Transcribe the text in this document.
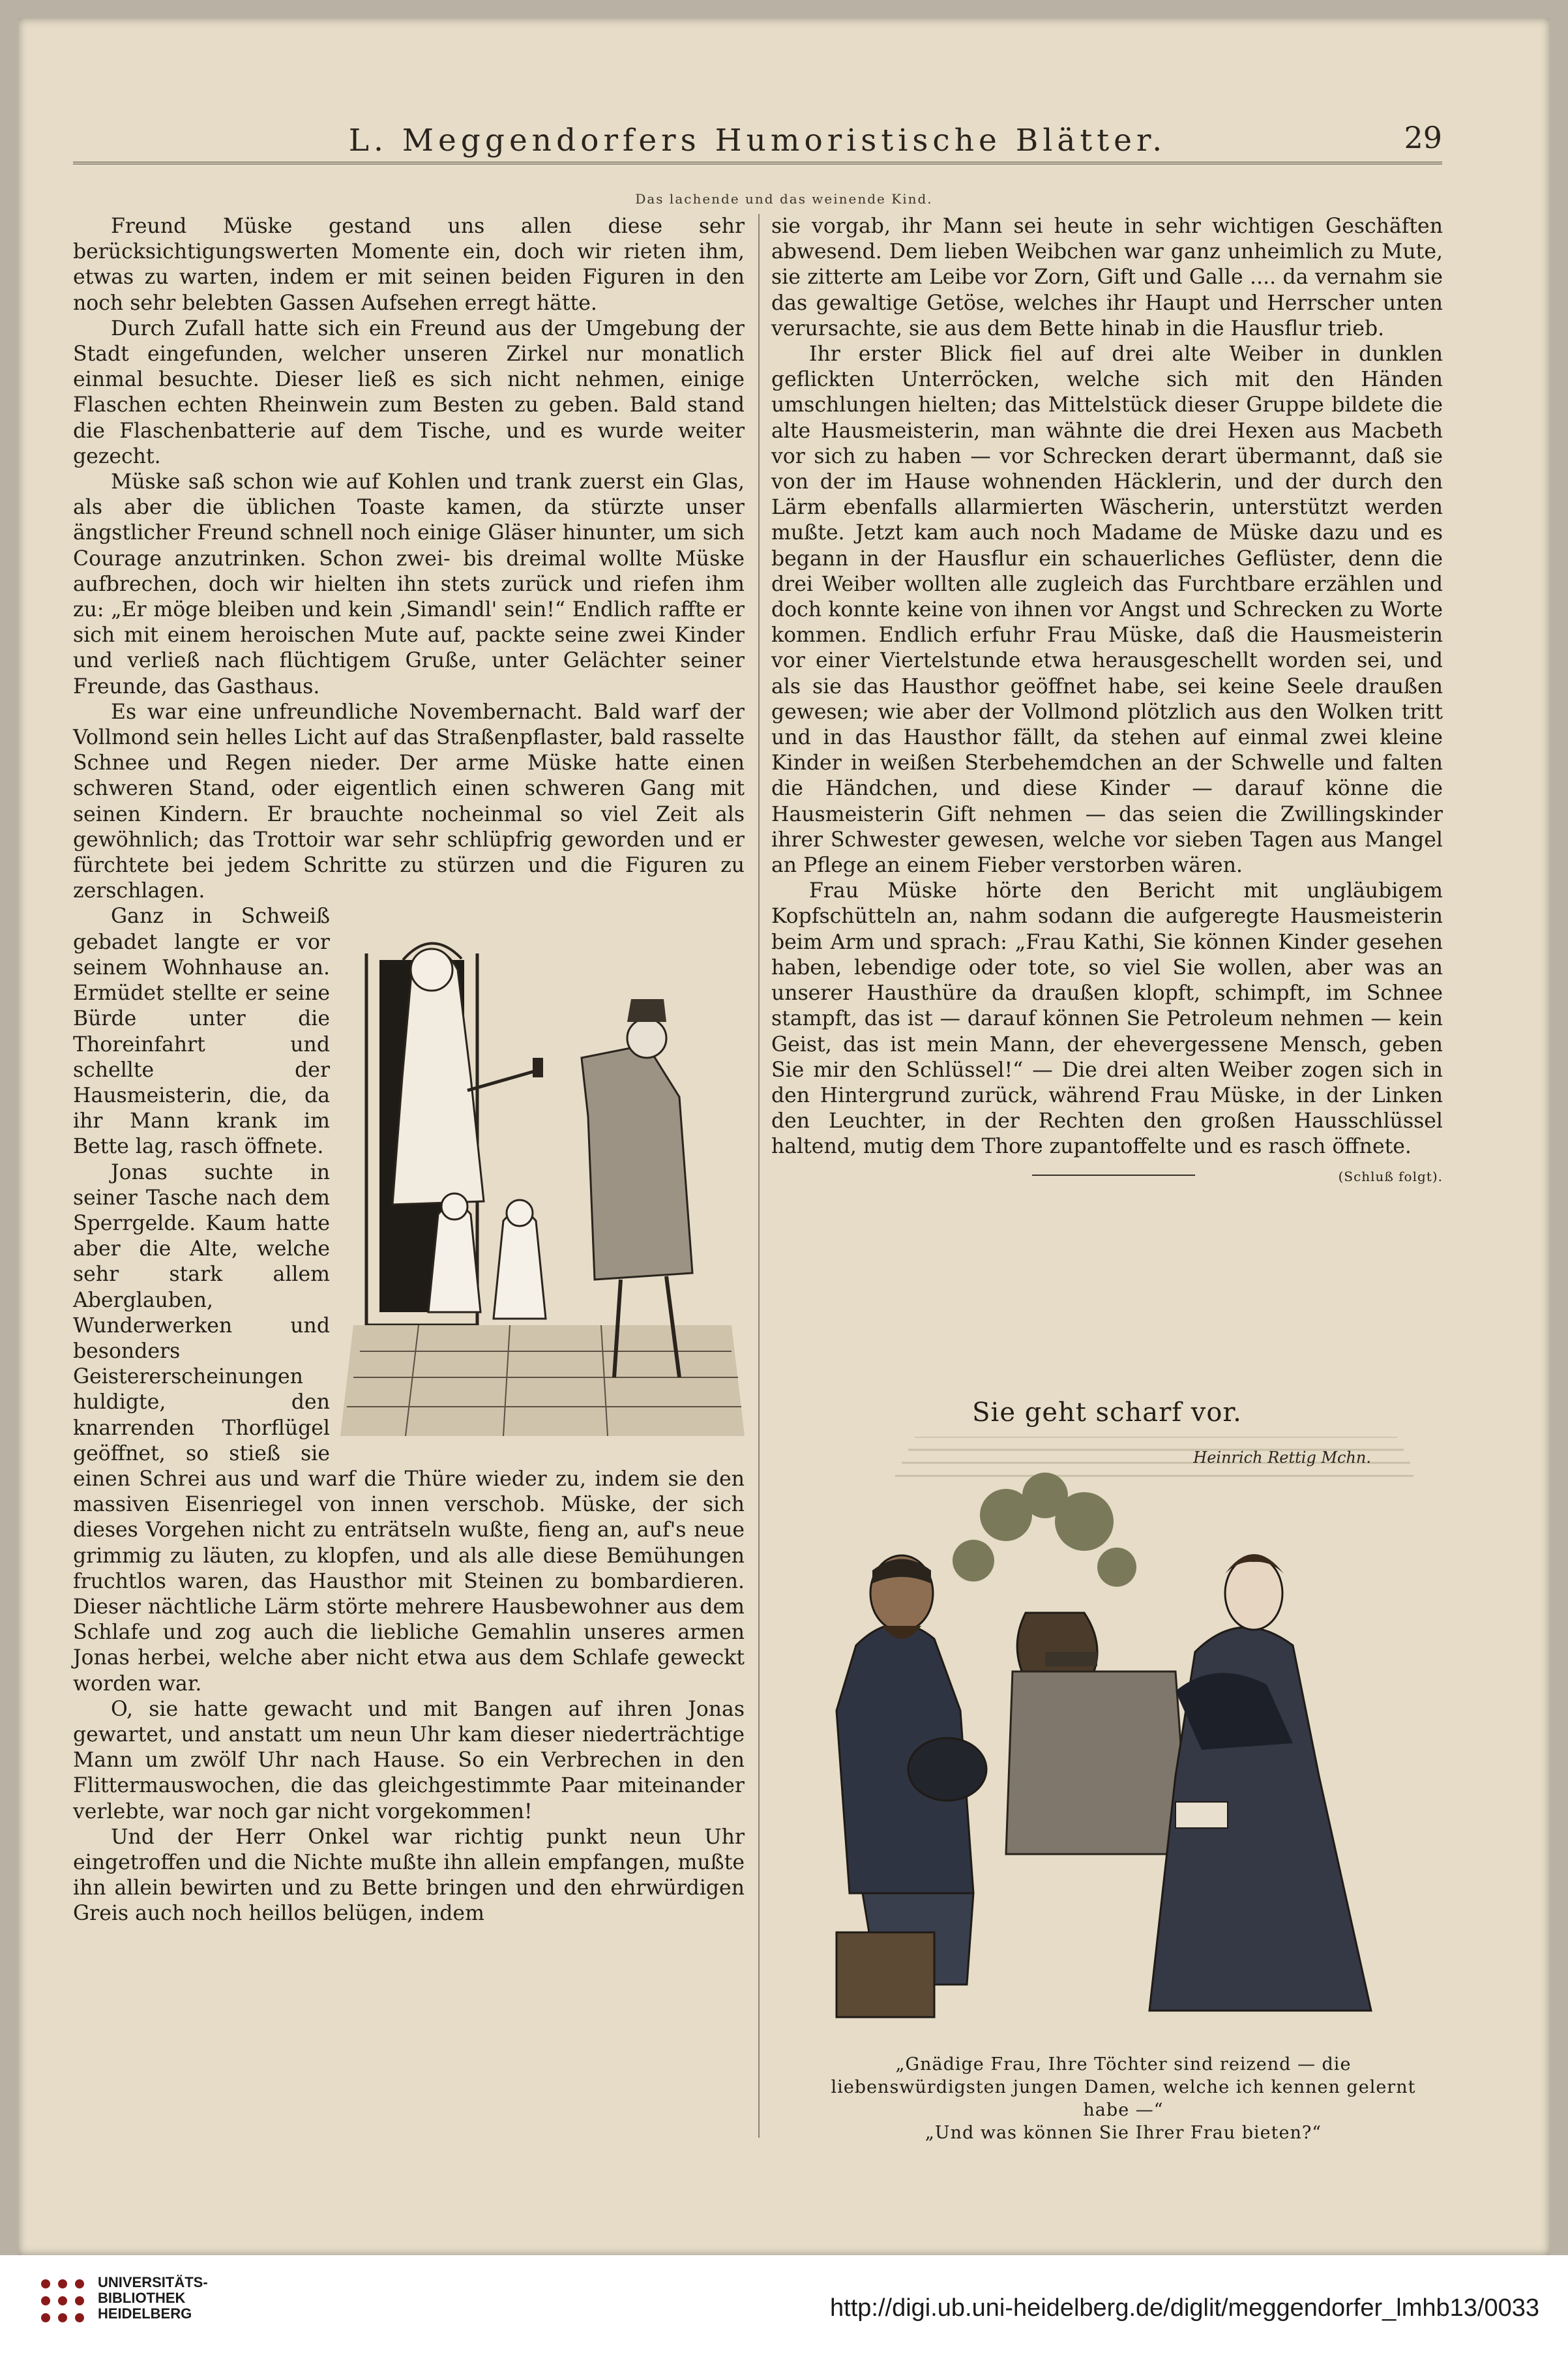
L. Meggendorfers Humoristische Blätter.	29
Das lachende und das weinende Kind.

Freund Müske gestand uns allen diese sehr berücksichtigungswerten Momente ein, doch wir rieten ihm, etwas zu warten, indem er mit seinen beiden Figuren in den noch sehr belebten Gassen Aufsehen erregt hätte.

Durch Zufall hatte sich ein Freund aus der Umgebung der Stadt eingefunden, welcher unseren Zirkel nur monatlich einmal besuchte. Dieser ließ es sich nicht nehmen, einige Flaschen echten Rheinwein zum Besten zu geben. Bald stand die Flaschenbatterie auf dem Tische, und es wurde weiter gezecht.

Müske saß schon wie auf Kohlen und trank zuerst ein Glas, als aber die üblichen Toaste kamen, da stürzte unser ängstlicher Freund schnell noch einige Gläser hinunter, um sich Courage anzutrinken. Schon zwei- bis dreimal wollte Müske aufbrechen, doch wir hielten ihn stets zurück und riefen ihm zu: „Er möge bleiben und kein ‚Simandl' sein!“ Endlich raffte er sich mit einem heroischen Mute auf, packte seine zwei Kinder und verließ nach flüchtigem Gruße, unter Gelächter seiner Freunde, das Gasthaus.

Es war eine unfreundliche Novembernacht. Bald warf der Vollmond sein helles Licht auf das Straßenpflaster, bald rasselte Schnee und Regen nieder. Der arme Müske hatte einen schweren Stand, oder eigentlich einen schweren Gang mit seinen Kindern. Er brauchte nocheinmal so viel Zeit als gewöhnlich; das Trottoir war sehr schlüpfrig geworden und er fürchtete bei jedem Schritte zu stürzen und die Figuren zu zerschlagen.

Ganz in Schweiß gebadet langte er vor seinem Wohnhause an. Ermüdet stellte er seine Bürde unter die Thoreinfahrt und schellte der Hausmeisterin, die, da ihr Mann krank im Bette lag, rasch öffnete.

Jonas suchte in seiner Tasche nach dem Sperrgelde. Kaum hatte aber die Alte, welche sehr stark allem Aberglauben, Wunderwerken und besonders Geistererscheinungen huldigte, den knarrenden Thorflügel geöffnet, so stieß sie einen Schrei aus und warf die Thüre wieder zu, indem sie den massiven Eisenriegel von innen verschob. Müske, der sich dieses Vorgehen nicht zu enträtseln wußte, fieng an, auf's neue grimmig zu läuten, zu klopfen, und als alle diese Bemühungen fruchtlos waren, das Hausthor mit Steinen zu bombardieren. Dieser nächtliche Lärm störte mehrere Hausbewohner aus dem Schlafe und zog auch die liebliche Gemahlin unseres armen Jonas herbei, welche aber nicht etwa aus dem Schlafe geweckt worden war.

O, sie hatte gewacht und mit Bangen auf ihren Jonas gewartet, und anstatt um neun Uhr kam dieser niederträchtige Mann um zwölf Uhr nach Hause. So ein Verbrechen in den Flittermauswochen, die das gleichgestimmte Paar miteinander verlebte, war noch gar nicht vorgekommen!

Und der Herr Onkel war richtig punkt neun Uhr eingetroffen und die Nichte mußte ihn allein empfangen, mußte ihn allein bewirten und zu Bette bringen und den ehrwürdigen Greis auch noch heillos belügen, indem

sie vorgab, ihr Mann sei heute in sehr wichtigen Geschäften abwesend. Dem lieben Weibchen war ganz unheimlich zu Mute, sie zitterte am Leibe vor Zorn, Gift und Galle .... da vernahm sie das gewaltige Getöse, welches ihr Haupt und Herrscher unten verursachte, sie aus dem Bette hinab in die Hausflur trieb.

Ihr erster Blick fiel auf drei alte Weiber in dunklen geflickten Unterröcken, welche sich mit den Händen umschlungen hielten; das Mittelstück dieser Gruppe bildete die alte Hausmeisterin, man wähnte die drei Hexen aus Macbeth vor sich zu haben — vor Schrecken derart übermannt, daß sie von der im Hause wohnenden Häcklerin, und der durch den Lärm ebenfalls allarmierten Wäscherin, unterstützt werden mußte. Jetzt kam auch noch Madame de Müske dazu und es begann in der Hausflur ein schauerliches Geflüster, denn die drei Weiber wollten alle zugleich das Furchtbare erzählen und doch konnte keine von ihnen vor Angst und Schrecken zu Worte kommen. Endlich erfuhr Frau Müske, daß die Hausmeisterin vor einer Viertelstunde etwa herausgeschellt worden sei, und als sie das Hausthor geöffnet habe, sei keine Seele draußen gewesen; wie aber der Vollmond plötzlich aus den Wolken tritt und in das Hausthor fällt, da stehen auf einmal zwei kleine Kinder in weißen Sterbehemdchen an der Schwelle und falten die Händchen, und diese Kinder — darauf könne die Hausmeisterin Gift nehmen — das seien die Zwillingskinder ihrer Schwester gewesen, welche vor sieben Tagen aus Mangel an Pflege an einem Fieber verstorben wären.

Frau Müske hörte den Bericht mit ungläubigem Kopfschütteln an, nahm sodann die aufgeregte Hausmeisterin beim Arm und sprach: „Frau Kathi, Sie können Kinder gesehen haben, lebendige oder tote, so viel Sie wollen, aber was an unserer Hausthüre da draußen klopft, schimpft, im Schnee stampft, das ist — darauf können Sie Petroleum nehmen — kein Geist, das ist mein Mann, der ehevergessene Mensch, geben Sie mir den Schlüssel!“ — Die drei alten Weiber zogen sich in den Hintergrund zurück, während Frau Müske, in der Linken den Leuchter, in der Rechten den großen Hausschlüssel haltend, mutig dem Thore zupantoffelte und es rasch öffnete.

(Schluß folgt).
Sie geht scharf vor.
Heinrich Rettig Mchn.
„Gnädige Frau, Ihre Töchter sind reizend — die liebenswürdigsten jungen Damen, welche ich kennen gelernt habe —“
„Und was können Sie Ihrer Frau bieten?“
UNIVERSITÄTS-
BIBLIOTHEK
HEIDELBERG	http://digi.ub.uni-heidelberg.de/diglit/meggendorfer_lmhb13/0033
